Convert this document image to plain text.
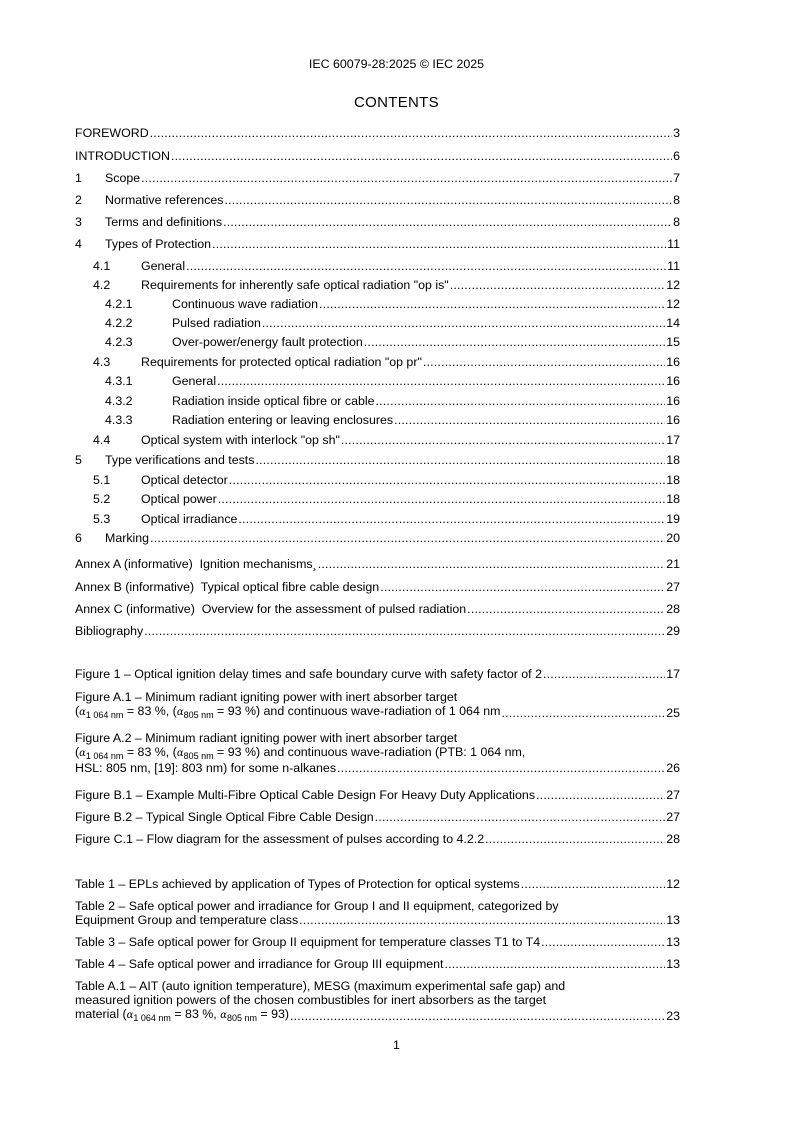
IEC 60079-28:2025 © IEC 2025
CONTENTS
FOREWORD .....	3
INTRODUCTION .....	6
1	Scope .....	7
2	Normative references .....	8
3	Terms and definitions .....	8
4	Types of Protection .....	11
4.1	General .....	11
4.2	Requirements for inherently safe optical radiation "op is" .....	12
4.2.1	Continuous wave radiation .....	12
4.2.2	Pulsed radiation .....	14
4.2.3	Over-power/energy fault protection .....	15
4.3	Requirements for protected optical radiation "op pr" .....	16
4.3.1	General .....	16
4.3.2	Radiation inside optical fibre or cable .....	16
4.3.3	Radiation entering or leaving enclosures .....	16
4.4	Optical system with interlock "op sh" .....	17
5	Type verifications and tests .....	18
5.1	Optical detector .....	18
5.2	Optical power .....	18
5.3	Optical irradiance .....	19
6	Marking .....	20
Annex A (informative)  Ignition mechanisms¸ .....	21
Annex B (informative)  Typical optical fibre cable design .....	27
Annex C (informative)  Overview for the assessment of pulsed radiation .....	28
Bibliography .....	29
Figure 1 – Optical ignition delay times and safe boundary curve with safety factor of 2 .....	17
Figure A.1 – Minimum radiant igniting power with inert absorber target
($\alpha_{1 064 nm} = 83$ %, ($\alpha_{805 nm} = 93$ %) and continuous wave-radiation of 1 064 nm .....	25
Figure A.2 – Minimum radiant igniting power with inert absorber target
($\alpha_{1 064 nm} = 83$ %, ($\alpha_{805 nm} = 93$ %) and continuous wave-radiation (PTB: 1 064 nm,
HSL: 805 nm, [19]: 803 nm) for some n-alkanes .....	26
Figure B.1 – Example Multi-Fibre Optical Cable Design For Heavy Duty Applications .....	27
Figure B.2 – Typical Single Optical Fibre Cable Design .....	27
Figure C.1 – Flow diagram for the assessment of pulses according to 4.2.2 .....	28
Table 1 – EPLs achieved by application of Types of Protection for optical systems .....	12
Table 2 – Safe optical power and irradiance for Group I and II equipment, categorized by
Equipment Group and temperature class .....	13
Table 3 – Safe optical power for Group II equipment for temperature classes T1 to T4 .....	13
Table 4 – Safe optical power and irradiance for Group III equipment .....	13
Table A.1 – AIT (auto ignition temperature), MESG (maximum experimental safe gap) and
measured ignition powers of the chosen combustibles for inert absorbers as the target
material ($\alpha_{1 064 nm} = 83$ %, $\alpha_{805 nm} = 93$) .....	23
1
